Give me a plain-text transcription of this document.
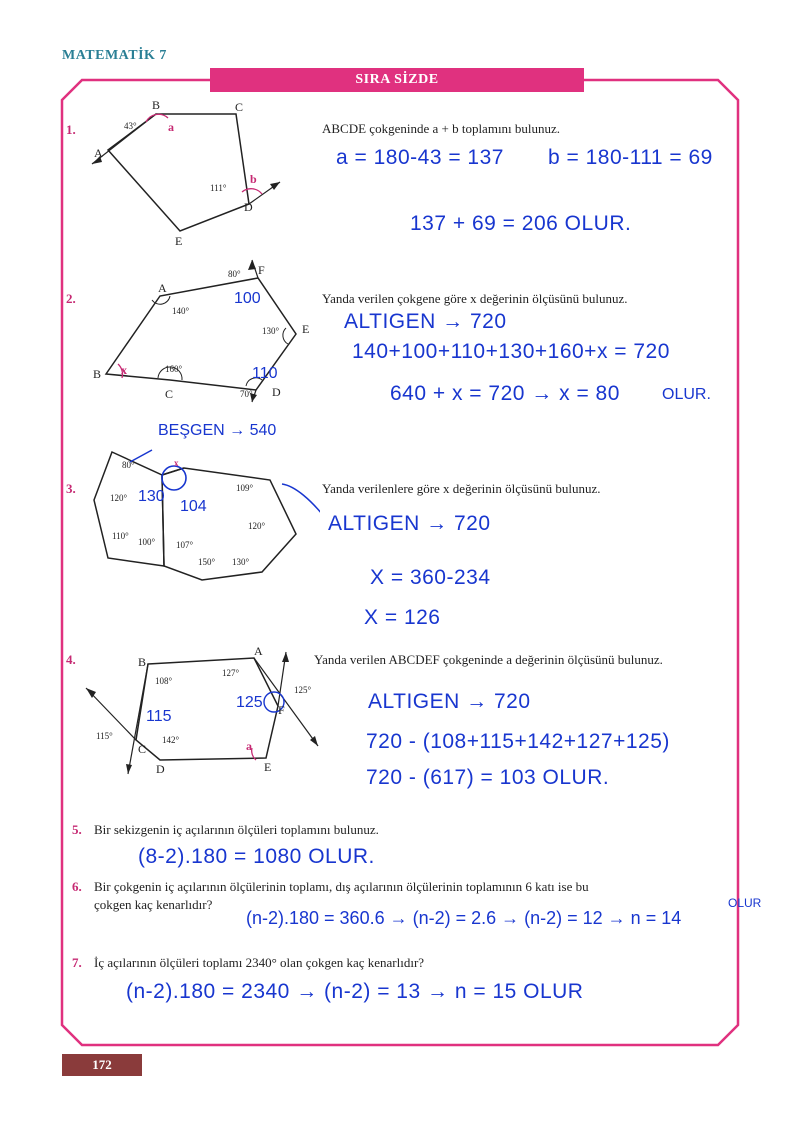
MATEMATİK 7
SIRA SİZDE
1.	ABCDE çokgeninde a + b toplamını bulunuz.
B	C
A
D
E
43°
111°
a
b
a = 180-43 = 137 b = 180-111 = 69
137 + 69 = 206 OLUR.
2.	Yanda verilen çokgene göre x değerinin ölçüsünü bulunuz.
A
F
E
D
C
B
80°
140°
130°
160°
70°
x
100
110
ALTIGEN → 720
140+100+110+130+160+x = 720
640 + x = 720 → x = 80	OLUR.
3.	Yanda verilenlere göre x değerinin ölçüsünü bulunuz.
BEŞGEN → 540
80°
120°
110°
100° 107°
109°
120°
150° 130°
x
130
104
ALTIGEN → 720
X = 360-234
X = 126
4.	Yanda verilen ABCDEF çokgeninde a değerinin ölçüsünü bulunuz.
B
A
F
E
D
C
108°
127°
125°
115°	142°	a
115
125	ALTIGEN → 720
720 - (108+115+142+127+125)
720 - (617) = 103 OLUR.
5. Bir sekizgenin iç açılarının ölçüleri toplamını bulunuz.
(8-2).180 = 1080 OLUR.
6. Bir çokgenin iç açılarının ölçülerinin toplamı, dış açılarının ölçülerinin toplamının 6 katı ise bu
çokgen kaç kenarlıdır?
(n-2).180 = 360.6 → (n-2) = 2.6 → (n-2) = 12 → n = 14
OLUR
7. İç açılarının ölçüleri toplamı 2340° olan çokgen kaç kenarlıdır?
(n-2).180 = 2340 → (n-2) = 13 → n = 15 OLUR
172
